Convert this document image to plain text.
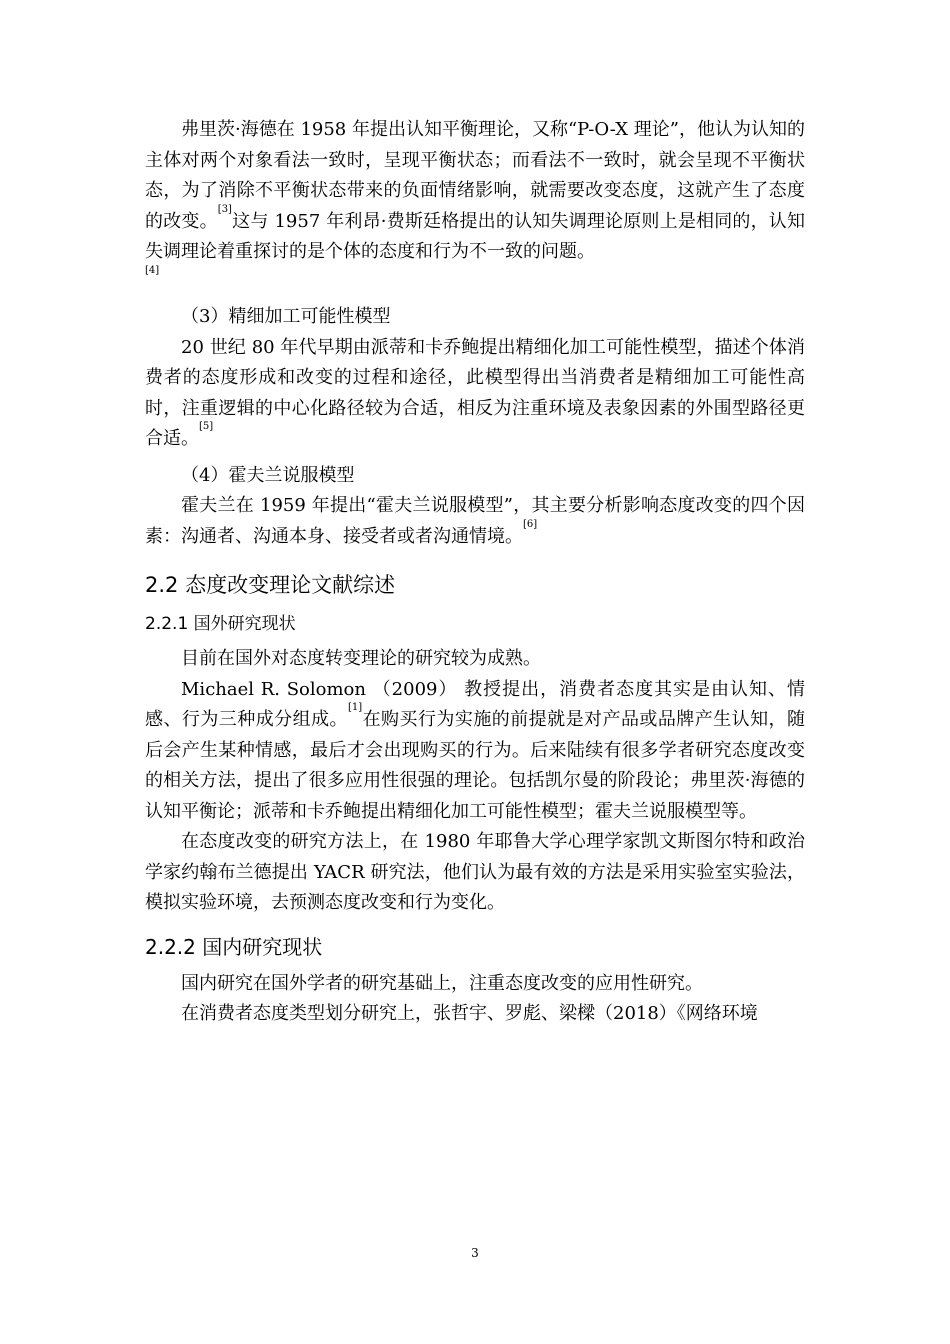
弗里茨·海德在 1958 年提出认知平衡理论，又称“P-O-X 理论”，他认为认知的主体对两个对象看法一致时，呈现平衡状态；而看法不一致时，就会呈现不平衡状态，为了消除不平衡状态带来的负面情绪影响，就需要改变态度，这就产生了态度的改变。[3]这与 1957 年利昂·费斯廷格提出的认知失调理论原则上是相同的，认知失调理论着重探讨的是个体的态度和行为不一致的问题。
[4]

（3）精细加工可能性模型

20 世纪 80 年代早期由派蒂和卡乔鲍提出精细化加工可能性模型，描述个体消费者的态度形成和改变的过程和途径，此模型得出当消费者是精细加工可能性高时，注重逻辑的中心化路径较为合适，相反为注重环境及表象因素的外围型路径更合适。[5]

（4）霍夫兰说服模型

霍夫兰在 1959 年提出“霍夫兰说服模型”，其主要分析影响态度改变的四个因素：沟通者、沟通本身、接受者或者沟通情境。[6]

2.2 态度改变理论文献综述
2.2.1 国外研究现状

目前在国外对态度转变理论的研究较为成熟。

Michael R. Solomon （2009） 教授提出，消费者态度其实是由认知、情感、行为三种成分组成。[1]在购买行为实施的前提就是对产品或品牌产生认知，随后会产生某种情感，最后才会出现购买的行为。后来陆续有很多学者研究态度改变的相关方法，提出了很多应用性很强的理论。包括凯尔曼的阶段论；弗里茨·海德的认知平衡论；派蒂和卡乔鲍提出精细化加工可能性模型；霍夫兰说服模型等。

在态度改变的研究方法上，在 1980 年耶鲁大学心理学家凯文斯图尔特和政治学家约翰布兰德提出 YACR 研究法，他们认为最有效的方法是采用实验室实验法，模拟实验环境，去预测态度改变和行为变化。

2.2.2 国内研究现状

国内研究在国外学者的研究基础上，注重态度改变的应用性研究。

在消费者态度类型划分研究上，张哲宇、罗彪、梁樑（2018）《网络环境

3
